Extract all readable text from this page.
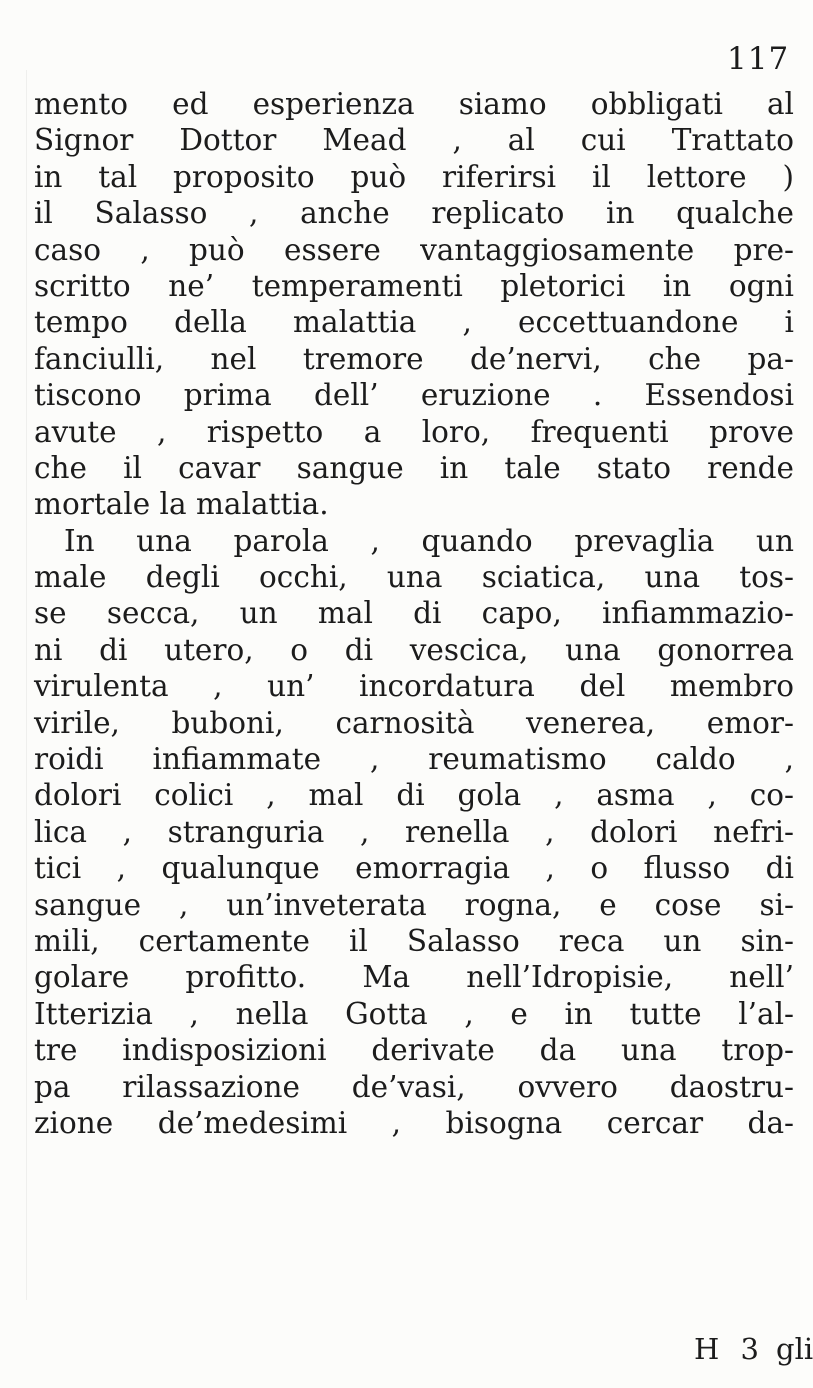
117
mento ed esperienza siamo obbligati al
Signor Dottor Mead , al cui Trattato
in tal proposito può riferirsi il lettore )
il Salasso , anche replicato in qualche
caso , può essere vantaggiosamente pre-
scritto ne’ temperamenti pletorici in ogni
tempo della malattia , eccettuandone i
fanciulli, nel tremore de’nervi, che pa-
tiscono prima dell’ eruzione . Essendosi
avute , rispetto a loro, frequenti prove
che il cavar sangue in tale stato rende
mortale la malattia.
In una parola , quando prevaglia un
male degli occhi, una sciatica, una tos-
se secca, un mal di capo, infiammazio-
ni di utero, o di vescica, una gonorrea
virulenta , un’ incordatura del membro
virile, buboni, carnosità venerea, emor-
roidi infiammate , reumatismo caldo ,
dolori colici , mal di gola , asma , co-
lica , stranguria , renella , dolori nefri-
tici , qualunque emorragia , o flusso di
sangue , un’inveterata rogna, e cose si-
mili, certamente il Salasso reca un sin-
golare profitto. Ma nell’Idropisie, nell’
Itterizia , nella Gotta , e in tutte l’al-
tre indisposizioni derivate da una trop-
pa rilassazione de’vasi, ovvero daostru-
zione de’medesimi , bisogna cercar da-
H 3 gli
